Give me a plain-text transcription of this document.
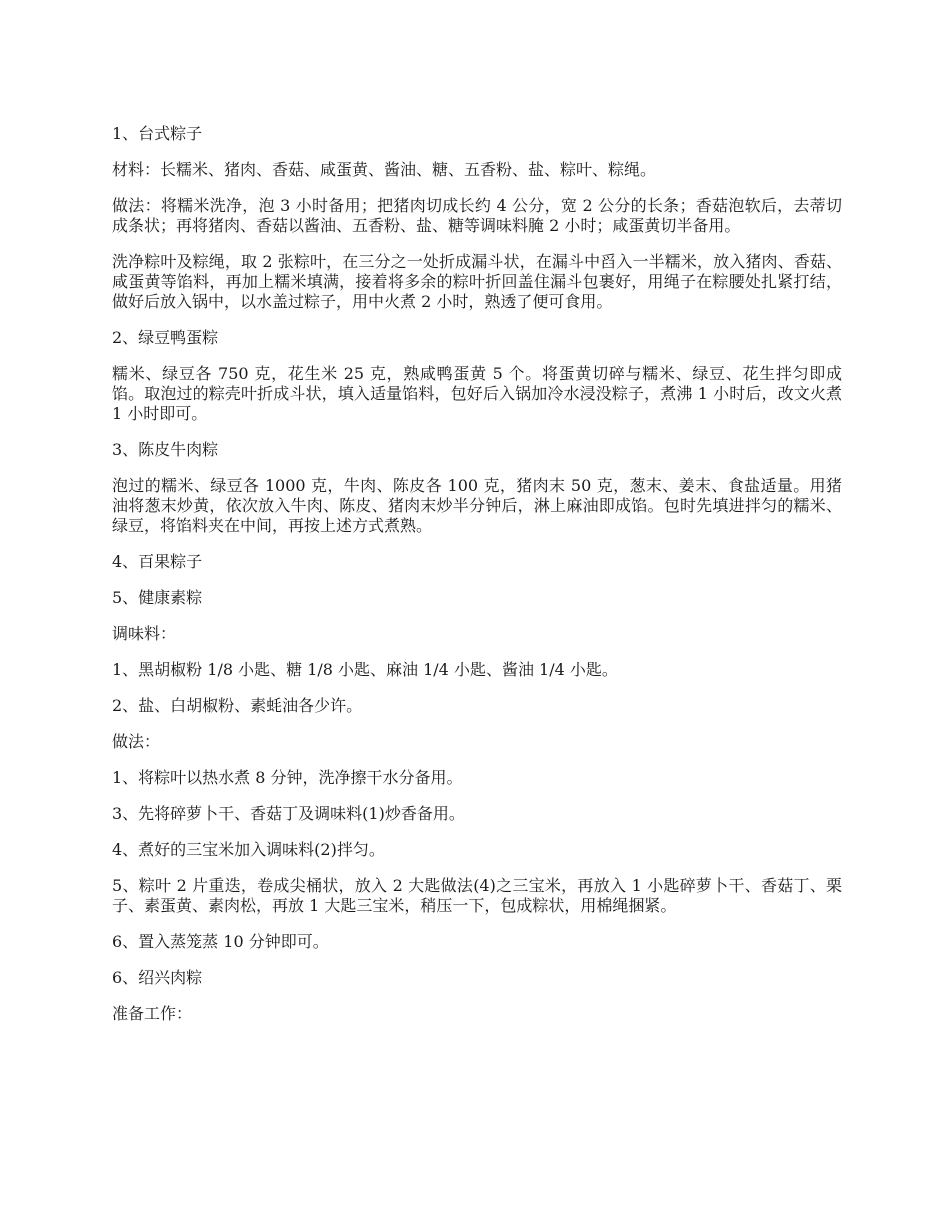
1、台式粽子

材料：长糯米、猪肉、香菇、咸蛋黄、酱油、糖、五香粉、盐、粽叶、粽绳。

做法：将糯米洗净，泡 3 小时备用；把猪肉切成长约 4 公分，宽 2 公分的长条；香菇泡软后，去蒂切成条状；再将猪肉、香菇以酱油、五香粉、盐、糖等调味料腌 2 小时；咸蛋黄切半备用。

洗净粽叶及粽绳，取 2 张粽叶，在三分之一处折成漏斗状，在漏斗中舀入一半糯米，放入猪肉、香菇、咸蛋黄等馅料，再加上糯米填满，接着将多余的粽叶折回盖住漏斗包裹好，用绳子在粽腰处扎紧打结，做好后放入锅中，以水盖过粽子，用中火煮 2 小时，熟透了便可食用。

2、绿豆鸭蛋粽

糯米、绿豆各 750 克，花生米 25 克，熟咸鸭蛋黄 5 个。将蛋黄切碎与糯米、绿豆、花生拌匀即成馅。取泡过的粽壳叶折成斗状，填入适量馅料，包好后入锅加冷水浸没粽子，煮沸 1 小时后，改文火煮 1 小时即可。

3、陈皮牛肉粽

泡过的糯米、绿豆各 1000 克，牛肉、陈皮各 100 克，猪肉末 50 克，葱末、姜末、食盐适量。用猪油将葱末炒黄，依次放入牛肉、陈皮、猪肉末炒半分钟后，淋上麻油即成馅。包时先填进拌匀的糯米、绿豆，将馅料夹在中间，再按上述方式煮熟。

4、百果粽子

5、健康素粽

调味料：

1、黑胡椒粉 1/8 小匙、糖 1/8 小匙、麻油 1/4 小匙、酱油 1/4 小匙。

2、盐、白胡椒粉、素蚝油各少许。

做法：

1、将粽叶以热水煮 8 分钟，洗净擦干水分备用。

3、先将碎萝卜干、香菇丁及调味料(1)炒香备用。

4、煮好的三宝米加入调味料(2)拌匀。

5、粽叶 2 片重迭，卷成尖桶状，放入 2 大匙做法(4)之三宝米，再放入 1 小匙碎萝卜干、香菇丁、栗子、素蛋黄、素肉松，再放 1 大匙三宝米，稍压一下，包成粽状，用棉绳捆紧。

6、置入蒸笼蒸 10 分钟即可。

6、绍兴肉粽

准备工作：
